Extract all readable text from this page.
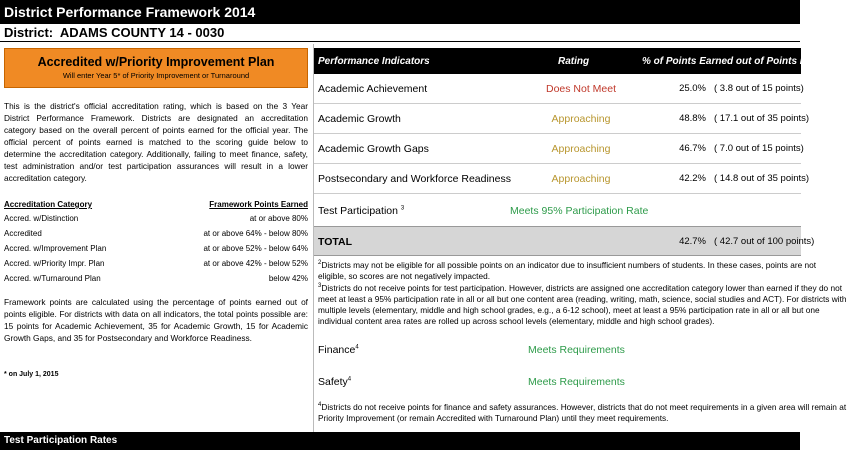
District Performance Framework 2014
District: ADAMS COUNTY 14 - 0030
Accredited w/Priority Improvement Plan
Will enter Year 5* of Priority Improvement or Turnaround
This is the district's official accreditation rating, which is based on the 3 Year District Performance Framework. Districts are designated an accreditation category based on the overall percent of points earned for the official year. The official percent of points earned is matched to the scoring guide below to determine the accreditation category. Additionally, failing to meet finance, safety, test administration and/or test participation assurances will result in a lower accreditation category.
Accreditation Category	Framework Points Earned
Accred. w/Distinction	at or above 80%
Accredited	at or above 64% - below 80%
Accred. w/Improvement Plan	at or above 52% - below 64%
Accred. w/Priority Impr. Plan	at or above 42% - below 52%
Accred. w/Turnaround Plan	below 42%
Framework points are calculated using the percentage of points earned out of points eligible. For districts with data on all indicators, the total points possible are: 15 points for Academic Achievement, 35 for Academic Growth, 15 for Academic Growth Gaps, and 35 for Postsecondary and Workforce Readiness.
* on July 1, 2015
Performance Indicators	Rating	% of Points Earned out of Points Eligible
Academic Achievement	Does Not Meet	25.0% ( 3.8 out of 15 points)
Academic Growth	Approaching	48.8% ( 17.1 out of 35 points)
Academic Growth Gaps	Approaching	46.7% ( 7.0 out of 15 points)
Postsecondary and Workforce Readiness	Approaching	42.2% ( 14.8 out of 35 points)
Test Participation $^3$	Meets 95% Participation Rate
TOTAL	42.7% ( 42.7 out of 100 points)
$^2$Districts may not be eligible for all possible points on an indicator due to insufficient numbers of students. In these cases, points are not
eligible, so scores are not negatively impacted.
$^3$Districts do not receive points for test participation. However, districts are assigned one accreditation category lower than earned if they do not
meet at least a 95% participation rate in all or all but one content area (reading, writing, math, science, social studies and ACT). For districts with
multiple levels (elementary, middle and high school grades, e.g., a 6-12 school), meet at least a 95% participation rate in all or all but one
individual content area rates are rolled up across school levels (elementary, middle and high school grades).
Finance$^4$	Meets Requirements
Safety$^4$	Meets Requirements
$^4$Districts do not receive points for finance and safety assurances. However, districts that do not meet requirements in a given area will remain at
Priority Improvement (or remain Accredited with Turnaround Plan) until they meet requirements.
Test Participation Rates
